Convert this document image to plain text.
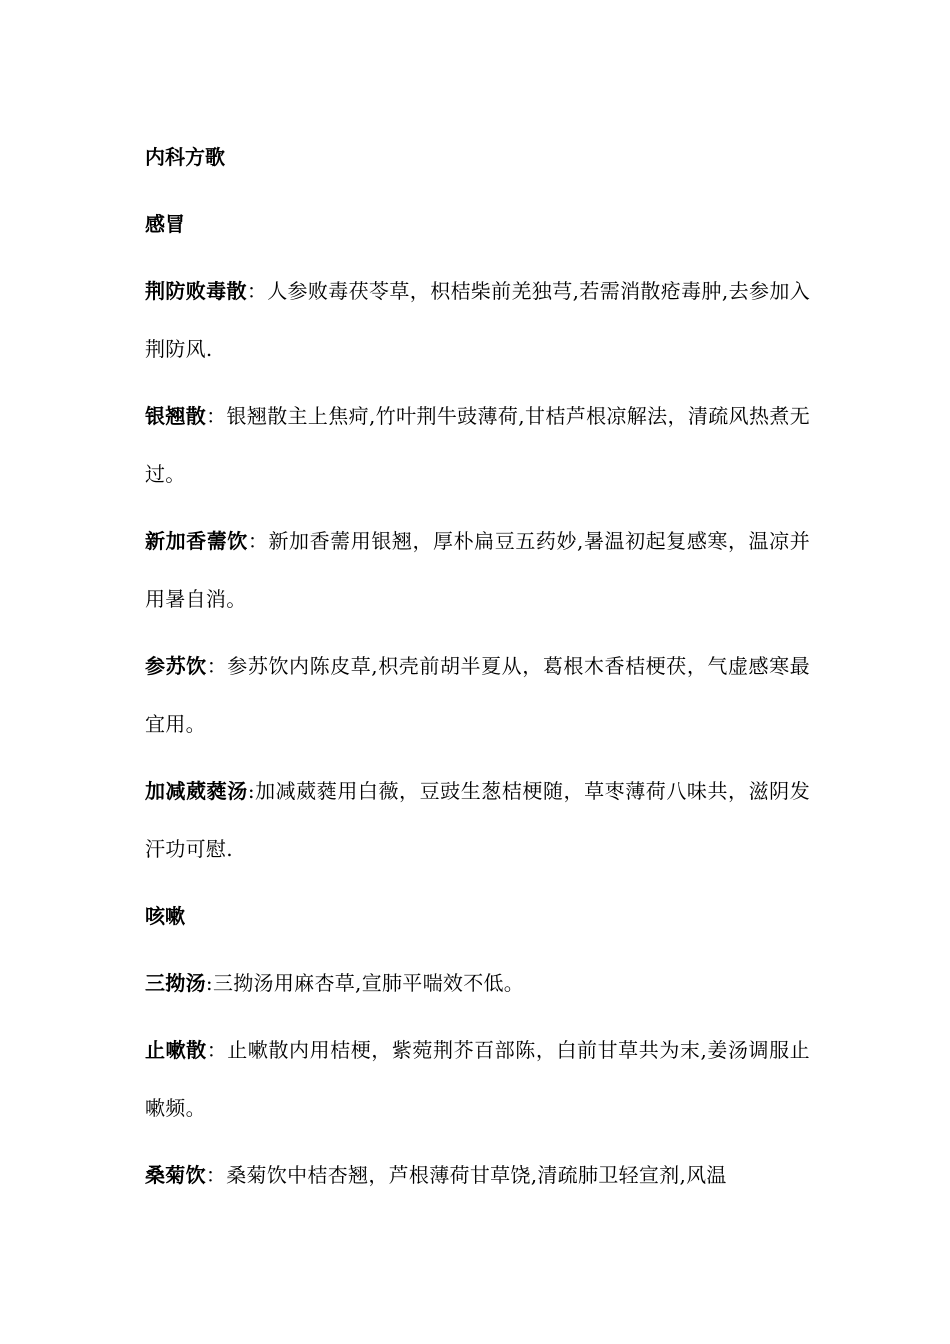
内科方歌
感冒

荆防败毒散：人参败毒茯苓草，枳桔柴前羌独芎,若需消散疮毒肿,去参加入荆防风.

银翘散：银翘散主上焦疴,竹叶荆牛豉薄荷,甘桔芦根凉解法，清疏风热煮无过。

新加香薷饮：新加香薷用银翘，厚朴扁豆五药妙,暑温初起复感寒，温凉并用暑自消。

参苏饮：参苏饮内陈皮草,枳壳前胡半夏从，葛根木香桔梗茯，气虚感寒最宜用。

加减葳蕤汤:加减葳蕤用白薇，豆豉生葱桔梗随，草枣薄荷八味共，滋阴发汗功可慰.

咳嗽

三拗汤:三拗汤用麻杏草,宣肺平喘效不低。

止嗽散：止嗽散内用桔梗，紫菀荆芥百部陈，白前甘草共为末,姜汤调服止嗽频。

桑菊饮：桑菊饮中桔杏翘，芦根薄荷甘草饶,清疏肺卫轻宣剂,风温
